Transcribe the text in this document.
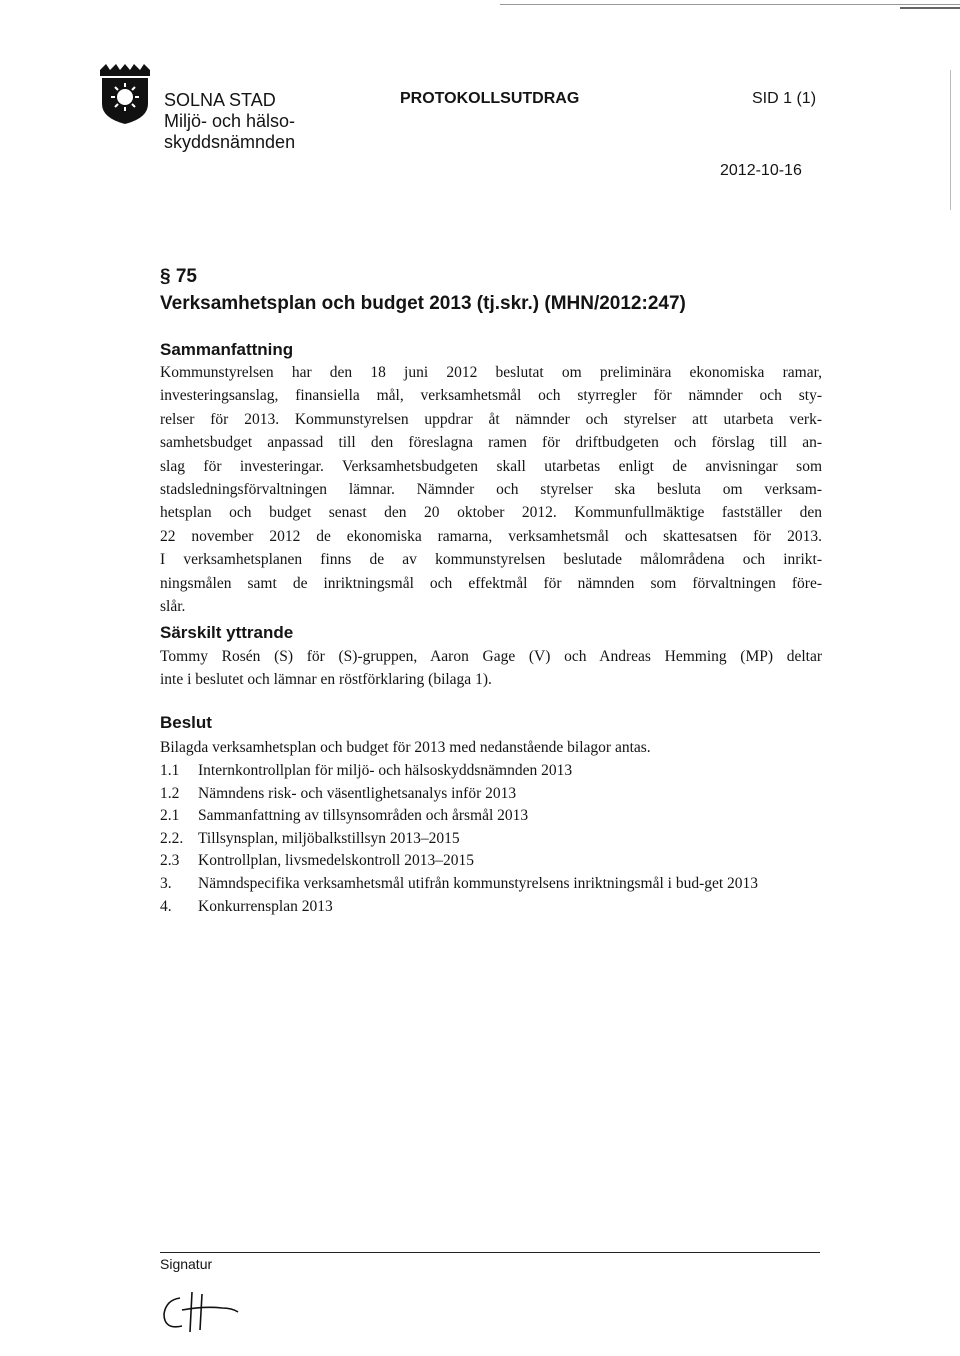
SOLNA STAD
Miljö- och hälso-
skyddsnämnden
PROTOKOLLSUTDRAG	SID 1 (1)
2012-10-16
§ 75
Verksamhetsplan och budget 2013 (tj.skr.) (MHN/2012:247)
Sammanfattning
Kommunstyrelsen har den 18 juni 2012 beslutat om preliminära ekonomiska ramar,
investeringsanslag, finansiella mål, verksamhetsmål och styrregler för nämnder och sty-
relser för 2013. Kommunstyrelsen uppdrar åt nämnder och styrelser att utarbeta verk-
samhetsbudget anpassad till den föreslagna ramen för driftbudgeten och förslag till an-
slag för investeringar. Verksamhetsbudgeten skall utarbetas enligt de anvisningar som
stadsledningsförvaltningen lämnar. Nämnder och styrelser ska besluta om verksam-
hetsplan och budget senast den 20 oktober 2012. Kommunfullmäktige fastställer den
22 november 2012 de ekonomiska ramarna, verksamhetsmål och skattesatsen för 2013.
I verksamhetsplanen finns de av kommunstyrelsen beslutade målområdena och inrikt-
ningsmålen samt de inriktningsmål och effektmål för nämnden som förvaltningen före-
slår.
Särskilt yttrande
Tommy Rosén (S) för (S)-gruppen, Aaron Gage (V) och Andreas Hemming (MP) deltar
inte i beslutet och lämnar en röstförklaring (bilaga 1).
Beslut
Bilagda verksamhetsplan och budget för 2013 med nedanstående bilagor antas.
1.1	Internkontrollplan för miljö- och hälsoskyddsnämnden 2013
1.2	Nämndens risk- och väsentlighetsanalys inför 2013
2.1	Sammanfattning av tillsynsområden och årsmål 2013
2.2. Tillsynsplan, miljöbalkstillsyn 2013–2015
2.3	Kontrollplan, livsmedelskontroll 2013–2015
3.	Nämndspecifika verksamhetsmål utifrån kommunstyrelsens inriktningsmål i bud-get 2013
4.	Konkurrensplan 2013
Signatur
